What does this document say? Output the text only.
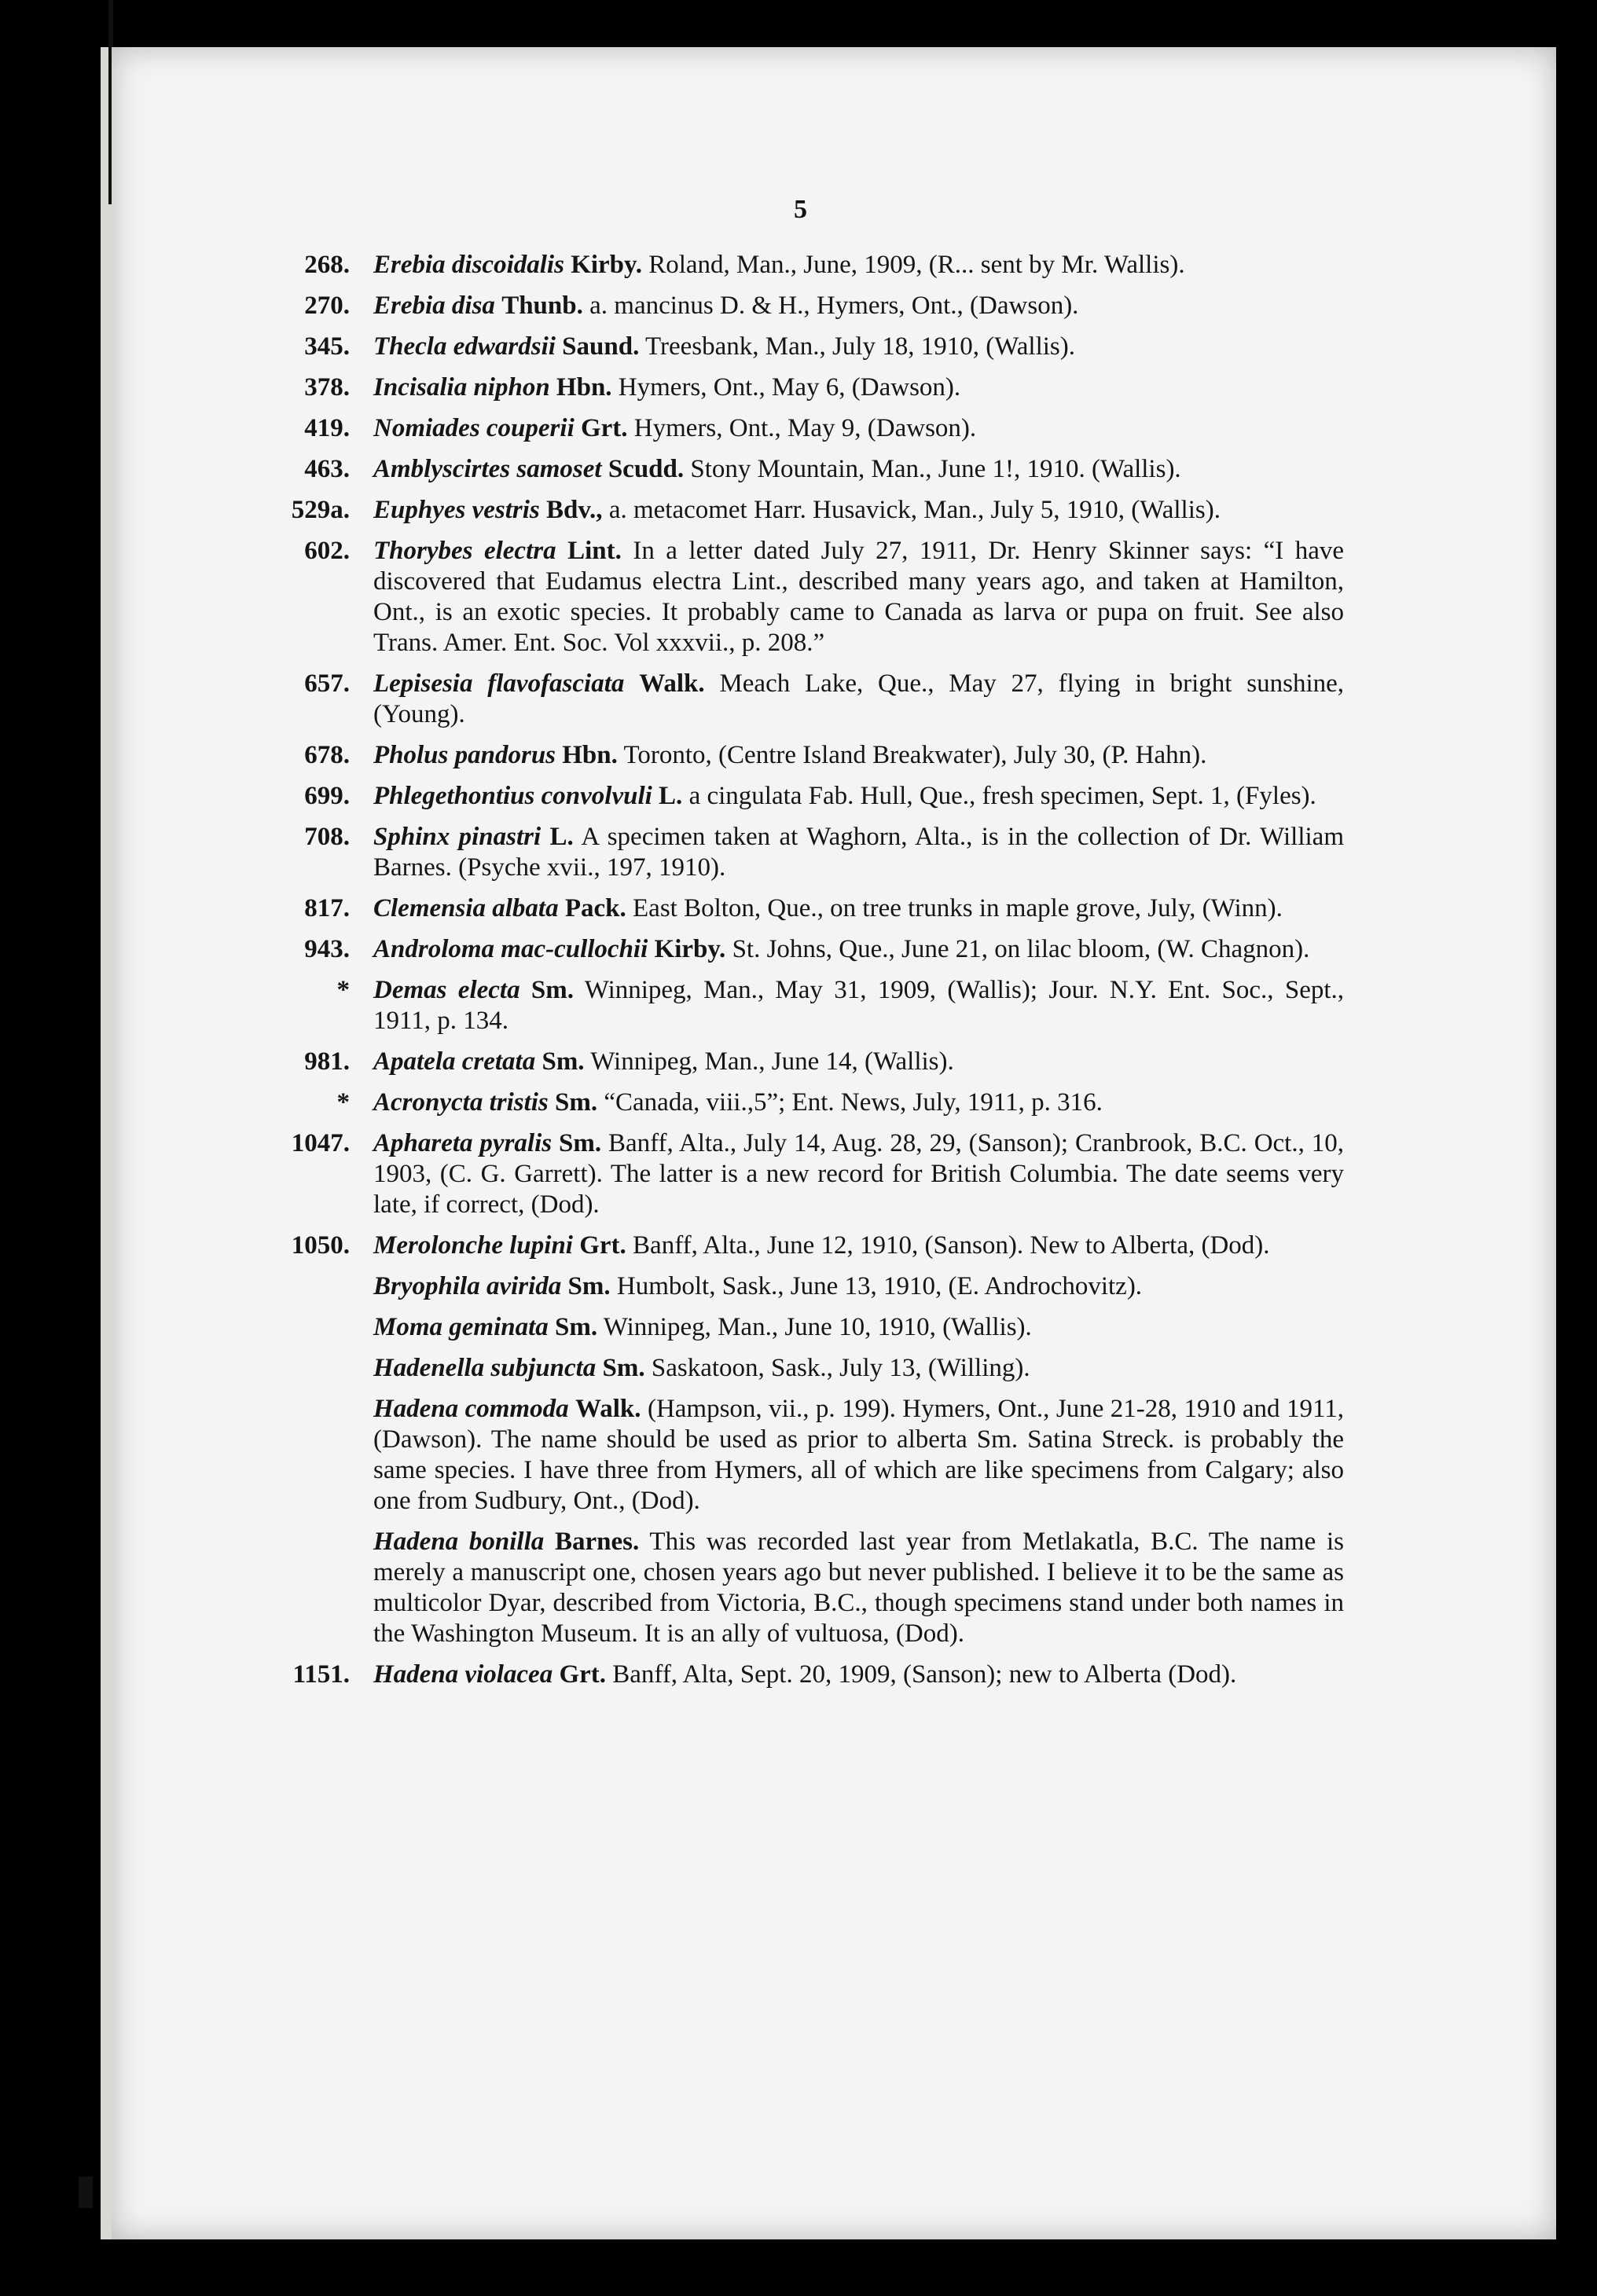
5
268. Erebia discoidalis Kirby. Roland, Man., June, 1909, (R... sent by Mr. Wallis).
270. Erebia disa Thunb. a. mancinus D. & H., Hymers, Ont., (Dawson).
345. Thecla edwardsii Saund. Treesbank, Man., July 18, 1910, (Wallis).
378. Incisalia niphon Hbn. Hymers, Ont., May 6, (Dawson).
419. Nomiades couperii Grt. Hymers, Ont., May 9, (Dawson).
463. Amblyscirtes samoset Scudd. Stony Mountain, Man., June 1!, 1910. (Wallis).
529a. Euphyes vestris Bdv., a. metacomet Harr. Husavick, Man., July 5, 1910, (Wallis).
602. Thorybes electra Lint. In a letter dated July 27, 1911, Dr. Henry Skinner says: “I have discovered that Eudamus electra Lint., described many years ago, and taken at Hamilton, Ont., is an exotic species. It probably came to Canada as larva or pupa on fruit. See also Trans. Amer. Ent. Soc. Vol xxxvii., p. 208.”
657. Lepisesia flavofasciata Walk. Meach Lake, Que., May 27, flying in bright sunshine, (Young).
678. Pholus pandorus Hbn. Toronto, (Centre Island Breakwater), July 30, (P. Hahn).
699. Phlegethontius convolvuli L. a cingulata Fab. Hull, Que., fresh specimen, Sept. 1, (Fyles).
708. Sphinx pinastri L. A specimen taken at Waghorn, Alta., is in the collection of Dr. William Barnes. (Psyche xvii., 197, 1910).
817. Clemensia albata Pack. East Bolton, Que., on tree trunks in maple grove, July, (Winn).
943. Androloma mac-cullochii Kirby. St. Johns, Que., June 21, on lilac bloom, (W. Chagnon).
* Demas electa Sm. Winnipeg, Man., May 31, 1909, (Wallis); Jour. N.Y. Ent. Soc., Sept., 1911, p. 134.
981. Apatela cretata Sm. Winnipeg, Man., June 14, (Wallis).
* Acronycta tristis Sm. “Canada, viii.,5”; Ent. News, July, 1911, p. 316.
1047. Aphareta pyralis Sm. Banff, Alta., July 14, Aug. 28, 29, (Sanson); Cranbrook, B.C. Oct., 10, 1903, (C. G. Garrett). The latter is a new record for British Columbia. The date seems very late, if correct, (Dod).
1050. Merolonche lupini Grt. Banff, Alta., June 12, 1910, (Sanson). New to Alberta, (Dod).
Bryophila avirida Sm. Humbolt, Sask., June 13, 1910, (E. Androchovitz).
Moma geminata Sm. Winnipeg, Man., June 10, 1910, (Wallis).
Hadenella subjuncta Sm. Saskatoon, Sask., July 13, (Willing).
Hadena commoda Walk. (Hampson, vii., p. 199). Hymers, Ont., June 21-28, 1910 and 1911, (Dawson). The name should be used as prior to alberta Sm. Satina Streck. is probably the same species. I have three from Hymers, all of which are like specimens from Calgary; also one from Sudbury, Ont., (Dod).
Hadena bonilla Barnes. This was recorded last year from Metlakatla, B.C. The name is merely a manuscript one, chosen years ago but never published. I believe it to be the same as multicolor Dyar, described from Victoria, B.C., though specimens stand under both names in the Washington Museum. It is an ally of vultuosa, (Dod).
1151. Hadena violacea Grt. Banff, Alta, Sept. 20, 1909, (Sanson); new to Alberta (Dod).
